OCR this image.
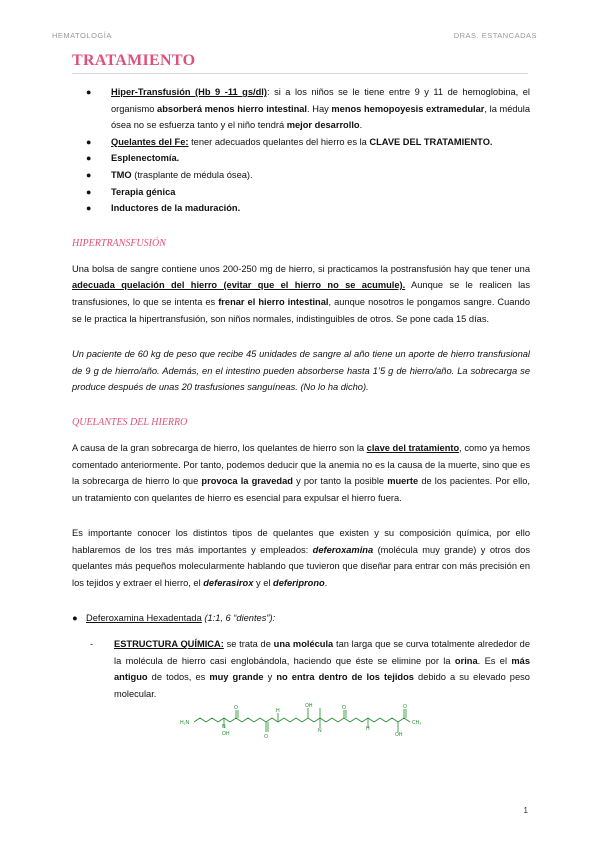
HEMATOLOGÍA	DRAS. ESTANCADAS
TRATAMIENTO
● Hiper-Transfusión (Hb 9 -11 gs/dl): si a los niños se le tiene entre 9 y 11 de hemoglobina, el organismo absorberá menos hierro intestinal. Hay menos hemopoyesis extramedular, la médula ósea no se esfuerza tanto y el niño tendrá mejor desarrollo.
● Quelantes del Fe: tener adecuados quelantes del hierro es la CLAVE DEL TRATAMIENTO.
● Esplenectomía.
● TMO (trasplante de médula ósea).
● Terapia génica
● Inductores de la maduración.
HIPERTRANSFUSIÓN

Una bolsa de sangre contiene unos 200-250 mg de hierro, si practicamos la postransfusión hay que tener una adecuada quelación del hierro (evitar que el hierro no se acumule). Aunque se le realicen las transfusiones, lo que se intenta es frenar el hierro intestinal, aunque nosotros le pongamos sangre. Cuando se le practica la hipertransfusión, son niños normales, indistinguibles de otros. Se pone cada 15 días.

Un paciente de 60 kg de peso que recibe 45 unidades de sangre al año tiene un aporte de hierro transfusional de 9 g de hierro/año. Además, en el intestino pueden absorberse hasta 1’5 g de hierro/año. La sobrecarga se produce después de unas 20 trasfusiones sanguíneas. (No lo ha dicho).

QUELANTES DEL HIERRO

A causa de la gran sobrecarga de hierro, los quelantes de hierro son la clave del tratamiento, como ya hemos comentado anteriormente. Por tanto, podemos deducir que la anemia no es la causa de la muerte, sino que es la sobrecarga de hierro lo que provoca la gravedad y por tanto la posible muerte de los pacientes. Por ello, un tratamiento con quelantes de hierro es esencial para expulsar el hierro fuera.

Es importante conocer los distintos tipos de quelantes que existen y su composición química, por ello hablaremos de los tres más importantes y empleados: deferoxamina (molécula muy grande) y otros dos quelantes más pequeños molecularmente hablando que tuvieron que diseñar para entrar con más precisión en los tejidos y extraer el hierro, el deferasirox y el deferiprono.

● Deferoxamina Hexadentada (1:1, 6 “dientes”):
- ESTRUCTURA QUÍMICA: se trata de una molécula tan larga que se curva totalmente alrededor de la molécula de hierro casi englobándola, haciendo que éste se elimine por la orina. Es el más antiguo de todos, es muy grande y no entra dentro de los tejidos debido a su elevado peso molecular.
H₂N
O
N
OH	O
H
OH
N
O
H
OH
O
CH₃
1
